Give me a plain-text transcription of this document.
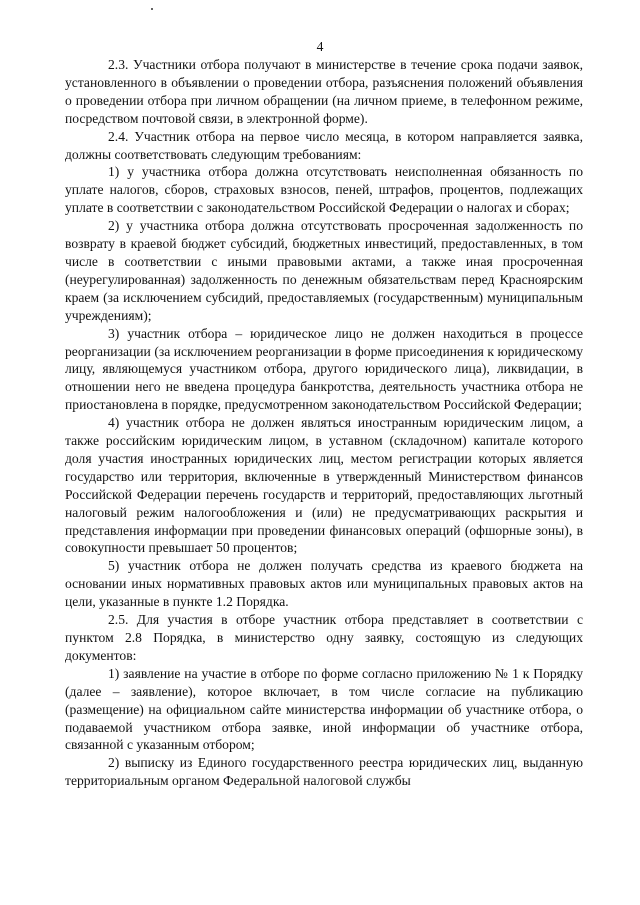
4

2.3. Участники отбора получают в министерстве в течение срока подачи заявок, установленного в объявлении о проведении отбора, разъяснения положений объявления о проведении отбора при личном обращении (на личном приеме, в телефонном режиме, посредством почтовой связи, в электронной форме).

2.4. Участник отбора на первое число месяца, в котором направляется заявка, должны соответствовать следующим требованиям:

1) у участника отбора должна отсутствовать неисполненная обязанность по уплате налогов, сборов, страховых взносов, пеней, штрафов, процентов, подлежащих уплате в соответствии с законодательством Российской Федерации о налогах и сборах;

2) у участника отбора должна отсутствовать просроченная задолженность по возврату в краевой бюджет субсидий, бюджетных инвестиций, предоставленных, в том числе в соответствии с иными правовыми актами, а также иная просроченная (неурегулированная) задолженность по денежным обязательствам перед Красноярским краем (за исключением субсидий, предоставляемых (государственным) муниципальным учреждениям);

3) участник отбора – юридическое лицо не должен находиться в процессе реорганизации (за исключением реорганизации в форме присоединения к юридическому лицу, являющемуся участником отбора, другого юридического лица), ликвидации, в отношении него не введена процедура банкротства, деятельность участника отбора не приостановлена в порядке, предусмотренном законодательством Российской Федерации;

4) участник отбора не должен являться иностранным юридическим лицом, а также российским юридическим лицом, в уставном (складочном) капитале которого доля участия иностранных юридических лиц, местом регистрации которых является государство или территория, включенные в утвержденный Министерством финансов Российской Федерации перечень государств и территорий, предоставляющих льготный налоговый режим налогообложения и (или) не предусматривающих раскрытия и представления информации при проведении финансовых операций (офшорные зоны), в совокупности превышает 50 процентов;

5) участник отбора не должен получать средства из краевого бюджета на основании иных нормативных правовых актов или муниципальных правовых актов на цели, указанные в пункте 1.2 Порядка.

2.5. Для участия в отборе участник отбора представляет в соответствии с пунктом 2.8 Порядка, в министерство одну заявку, состоящую из следующих документов:

1) заявление на участие в отборе по форме согласно приложению № 1 к Порядку (далее – заявление), которое включает, в том числе согласие на публикацию (размещение) на официальном сайте министерства информации об участнике отбора, о подаваемой участником отбора заявке, иной информации об участнике отбора, связанной с указанным отбором;

2) выписку из Единого государственного реестра юридических лиц, выданную территориальным органом Федеральной налоговой службы
